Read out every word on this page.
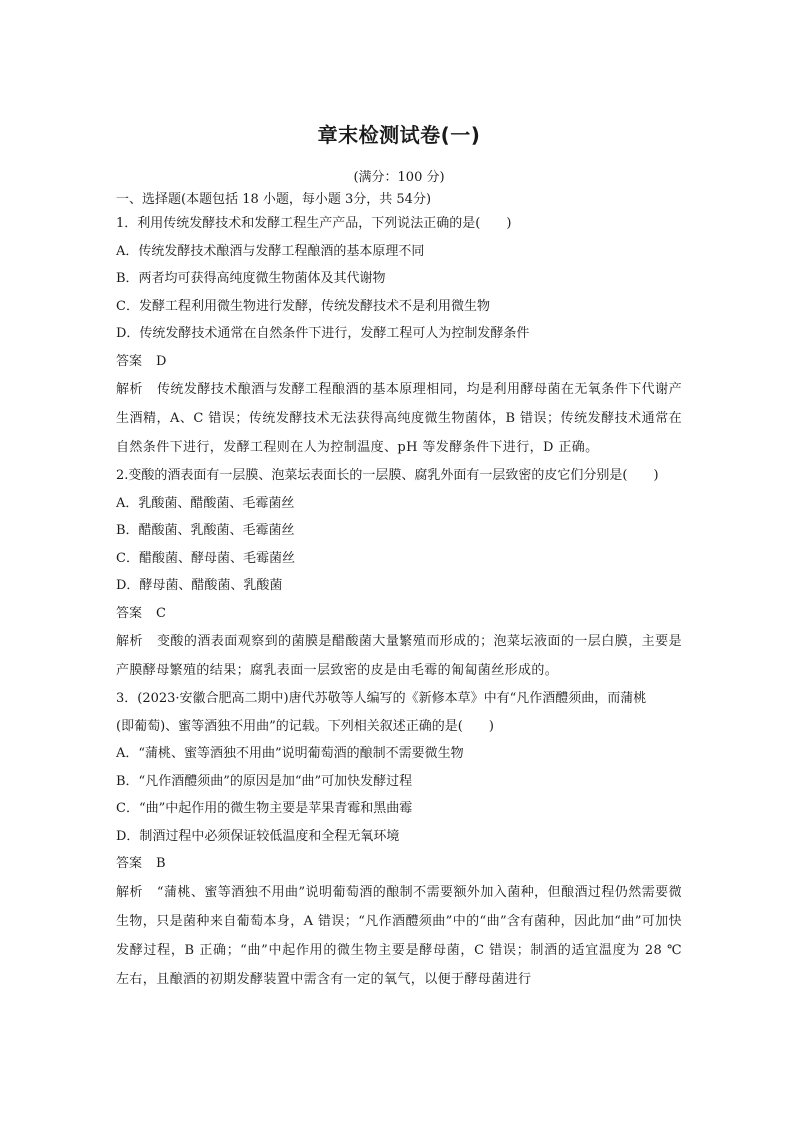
章末检测试卷(一)
(满分：100 分)
一、选择题(本题包括 18 小题，每小题 3分，共 54分)
1．利用传统发酵技术和发酵工程生产产品，下列说法正确的是(　　)
A．传统发酵技术酿酒与发酵工程酿酒的基本原理不同
B．两者均可获得高纯度微生物菌体及其代谢物
C．发酵工程利用微生物进行发酵，传统发酵技术不是利用微生物
D．传统发酵技术通常在自然条件下进行，发酵工程可人为控制发酵条件
答案 D
解析 传统发酵技术酿酒与发酵工程酿酒的基本原理相同，均是利用酵母菌在无氧条件下代谢产生酒精，A、C 错误；传统发酵技术无法获得高纯度微生物菌体，B 错误；传统发酵技术通常在自然条件下进行，发酵工程则在人为控制温度、pH 等发酵条件下进行，D 正确。
2.变酸的酒表面有一层膜、泡菜坛表面长的一层膜、腐乳外面有一层致密的皮它们分别是(　　)
A．乳酸菌、醋酸菌、毛霉菌丝
B．醋酸菌、乳酸菌、毛霉菌丝
C．醋酸菌、酵母菌、毛霉菌丝
D．酵母菌、醋酸菌、乳酸菌
答案 C
解析 变酸的酒表面观察到的菌膜是醋酸菌大量繁殖而形成的；泡菜坛液面的一层白膜，主要是产膜酵母繁殖的结果；腐乳表面一层致密的皮是由毛霉的匍匐菌丝形成的。
3．(2023·安徽合肥高二期中)唐代苏敬等人编写的《新修本草》中有“凡作酒醴须曲，而蒲桃
(即葡萄)、蜜等酒独不用曲”的记载。下列相关叙述正确的是(　　)
A．“蒲桃、蜜等酒独不用曲”说明葡萄酒的酿制不需要微生物
B．“凡作酒醴须曲”的原因是加“曲”可加快发酵过程
C．“曲”中起作用的微生物主要是苹果青霉和黑曲霉
D．制酒过程中必须保证较低温度和全程无氧环境
答案 B
解析 “蒲桃、蜜等酒独不用曲”说明葡萄酒的酿制不需要额外加入菌种，但酿酒过程仍然需要微生物，只是菌种来自葡萄本身，A 错误；“凡作酒醴须曲”中的“曲”含有菌种，因此加“曲”可加快发酵过程，B 正确；“曲”中起作用的微生物主要是酵母菌，C 错误；制酒的适宜温度为 28 ℃左右，且酿酒的初期发酵装置中需含有一定的氧气，以便于酵母菌进行
